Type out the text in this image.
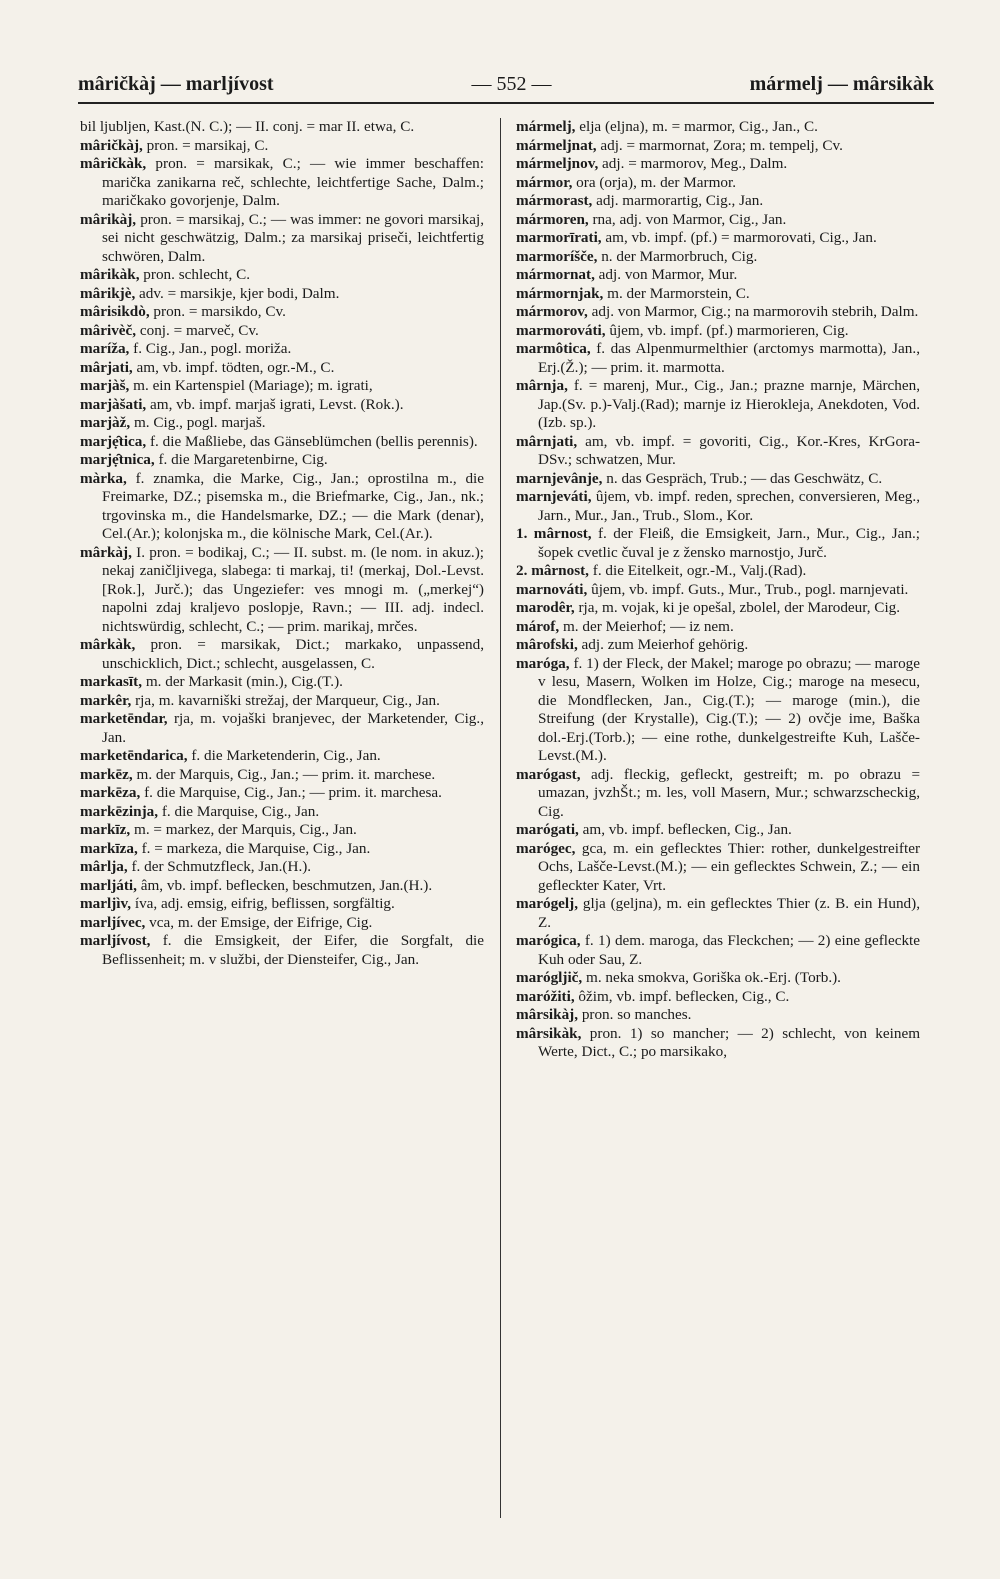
mâričkàj — marljívost	— 552 —	mármelj — mârsikàk

bil ljubljen, Kast.(N. C.); — II. conj. = mar II. etwa, C.

mâričkàj, pron. = marsikaj, C.

mâričkàk, pron. = marsikak, C.; — wie immer beschaffen: marička zanikarna reč, schlechte, leichtfertige Sache, Dalm.; maričkako govorjenje, Dalm.

mârikàj, pron. = marsikaj, C.; — was immer: ne govori marsikaj, sei nicht geschwätzig, Dalm.; za marsikaj priseči, leichtfertig schwören, Dalm.

mârikàk, pron. schlecht, C.

mârikjè, adv. = marsikje, kjer bodi, Dalm.

mârisikdò, pron. = marsikdo, Cv.

mârivèč, conj. = marveč, Cv.

maríža, f. Cig., Jan., pogl. moriža.

mârjati, am, vb. impf. tödten, ogr.-M., C.

marjàš, m. ein Kartenspiel (Mariage); m. igrati,

marjàšati, am, vb. impf. marjaš igrati, Levst. (Rok.).

marjàž, m. Cig., pogl. marjaš.

marjẹ̑tica, f. die Maßliebe, das Gänseblümchen (bellis perennis).

marjẹ̑tnica, f. die Margaretenbirne, Cig.

màrka, f. znamka, die Marke, Cig., Jan.; oprostilna m., die Freimarke, DZ.; pisemska m., die Briefmarke, Cig., Jan., nk.; trgovinska m., die Handelsmarke, DZ.; — die Mark (denar), Cel.(Ar.); kolonjska m., die kölnische Mark, Cel.(Ar.).

mârkàj, I. pron. = bodikaj, C.; — II. subst. m. (le nom. in akuz.); nekaj zaničljivega, slabega: ti markaj, ti! (merkaj, Dol.-Levst. [Rok.], Jurč.); das Ungeziefer: ves mnogi m. („merkej“) napolni zdaj kraljevo poslopje, Ravn.; — III. adj. indecl. nichtswürdig, schlecht, C.; — prim. marikaj, mrčes.

mârkàk, pron. = marsikak, Dict.; markako, unpassend, unschicklich, Dict.; schlecht, ausgelassen, C.

markasīt, m. der Markasit (min.), Cig.(T.).

markêr, rja, m. kavarniški strežaj, der Marqueur, Cig., Jan.

marketēndar, rja, m. vojaški branjevec, der Marketender, Cig., Jan.

marketēndarica, f. die Marketenderin, Cig., Jan.

markēz, m. der Marquis, Cig., Jan.; — prim. it. marchese.

markēza, f. die Marquise, Cig., Jan.; — prim. it. marchesa.

markēzinja, f. die Marquise, Cig., Jan.

markīz, m. = markez, der Marquis, Cig., Jan.

markīza, f. = markeza, die Marquise, Cig., Jan.

mârlja, f. der Schmutzfleck, Jan.(H.).

marljáti, âm, vb. impf. beflecken, beschmutzen, Jan.(H.).

marljìv, íva, adj. emsig, eifrig, beflissen, sorgfältig.

marljívec, vca, m. der Emsige, der Eifrige, Cig.

marljívost, f. die Emsigkeit, der Eifer, die Sorgfalt, die Beflissenheit; m. v službi, der Diensteifer, Cig., Jan.

mármelj, elja (eljna), m. = marmor, Cig., Jan., C.

mármeljnat, adj. = marmornat, Zora; m. tempelj, Cv.

mármeljnov, adj. = marmorov, Meg., Dalm.

mármor, ora (orja), m. der Marmor.

mármorast, adj. marmorartig, Cig., Jan.

mármoren, rna, adj. von Marmor, Cig., Jan.

marmorīrati, am, vb. impf. (pf.) = marmorovati, Cig., Jan.

marmoríšče, n. der Marmorbruch, Cig.

mármornat, adj. von Marmor, Mur.

mármornjak, m. der Marmorstein, C.

mármorov, adj. von Marmor, Cig.; na marmorovih stebrih, Dalm.

marmorováti, ûjem, vb. impf. (pf.) marmorieren, Cig.

marmôtica, f. das Alpenmurmelthier (arctomys marmotta), Jan., Erj.(Ž.); — prim. it. marmotta.

mârnja, f. = marenj, Mur., Cig., Jan.; prazne marnje, Märchen, Jap.(Sv. p.)-Valj.(Rad); marnje iz Hierokleja, Anekdoten, Vod.(Izb. sp.).

mârnjati, am, vb. impf. = govoriti, Cig., Kor.-Kres, KrGora-DSv.; schwatzen, Mur.

marnjevânje, n. das Gespräch, Trub.; — das Geschwätz, C.

marnjeváti, ûjem, vb. impf. reden, sprechen, conversieren, Meg., Jarn., Mur., Jan., Trub., Slom., Kor.

1. mârnost, f. der Fleiß, die Emsigkeit, Jarn., Mur., Cig., Jan.; šopek cvetlic čuval je z žensko marnostjo, Jurč.

2. mârnost, f. die Eitelkeit, ogr.-M., Valj.(Rad).

marnováti, ûjem, vb. impf. Guts., Mur., Trub., pogl. marnjevati.

marodêr, rja, m. vojak, ki je opešal, zbolel, der Marodeur, Cig.

márof, m. der Meierhof; — iz nem.

mârofski, adj. zum Meierhof gehörig.

maróga, f. 1) der Fleck, der Makel; maroge po obrazu; — maroge v lesu, Masern, Wolken im Holze, Cig.; maroge na mesecu, die Mondflecken, Jan., Cig.(T.); — maroge (min.), die Streifung (der Krystalle), Cig.(T.); — 2) ovčje ime, Baška dol.-Erj.(Torb.); — eine rothe, dunkelgestreifte Kuh, Lašče-Levst.(M.).

marógast, adj. fleckig, gefleckt, gestreift; m. po obrazu = umazan, jvzhŠt.; m. les, voll Masern, Mur.; schwarzscheckig, Cig.

marógati, am, vb. impf. beflecken, Cig., Jan.

marógec, gca, m. ein geflecktes Thier: rother, dunkelgestreifter Ochs, Lašče-Levst.(M.); — ein geflecktes Schwein, Z.; — ein gefleckter Kater, Vrt.

marógelj, glja (geljna), m. ein geflecktes Thier (z. B. ein Hund), Z.

marógica, f. 1) dem. maroga, das Fleckchen; — 2) eine gefleckte Kuh oder Sau, Z.

marógljič, m. neka smokva, Goriška ok.-Erj. (Torb.).

maróžiti, ôžim, vb. impf. beflecken, Cig., C.

mârsikàj, pron. so manches.

mârsikàk, pron. 1) so mancher; — 2) schlecht, von keinem Werte, Dict., C.; po marsikako,
